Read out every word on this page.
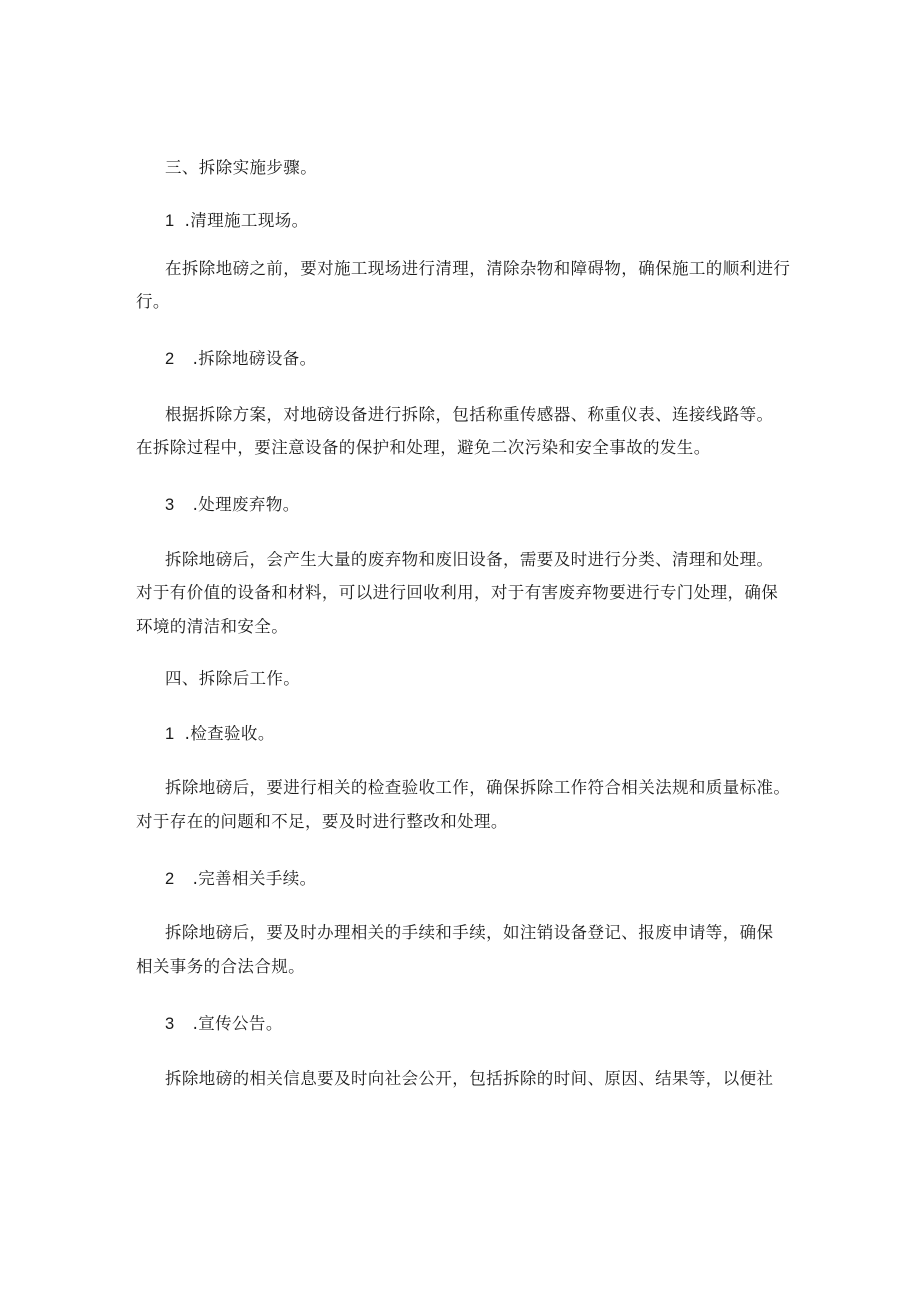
三、拆除实施步骤。
1 .清理施工现场。
在拆除地磅之前，要对施工现场进行清理，清除杂物和障碍物，确保施工的顺利进行
行。
2 .拆除地磅设备。
根据拆除方案，对地磅设备进行拆除，包括称重传感器、称重仪表、连接线路等。
在拆除过程中，要注意设备的保护和处理，避免二次污染和安全事故的发生。
3 .处理废弃物。
拆除地磅后，会产生大量的废弃物和废旧设备，需要及时进行分类、清理和处理。
对于有价值的设备和材料，可以进行回收利用，对于有害废弃物要进行专门处理，确保
环境的清洁和安全。
四、拆除后工作。
1 .检查验收。
拆除地磅后，要进行相关的检查验收工作，确保拆除工作符合相关法规和质量标准。
对于存在的问题和不足，要及时进行整改和处理。
2 .完善相关手续。
拆除地磅后，要及时办理相关的手续和手续，如注销设备登记、报废申请等，确保
相关事务的合法合规。
3 .宣传公告。
拆除地磅的相关信息要及时向社会公开，包括拆除的时间、原因、结果等，以便社
